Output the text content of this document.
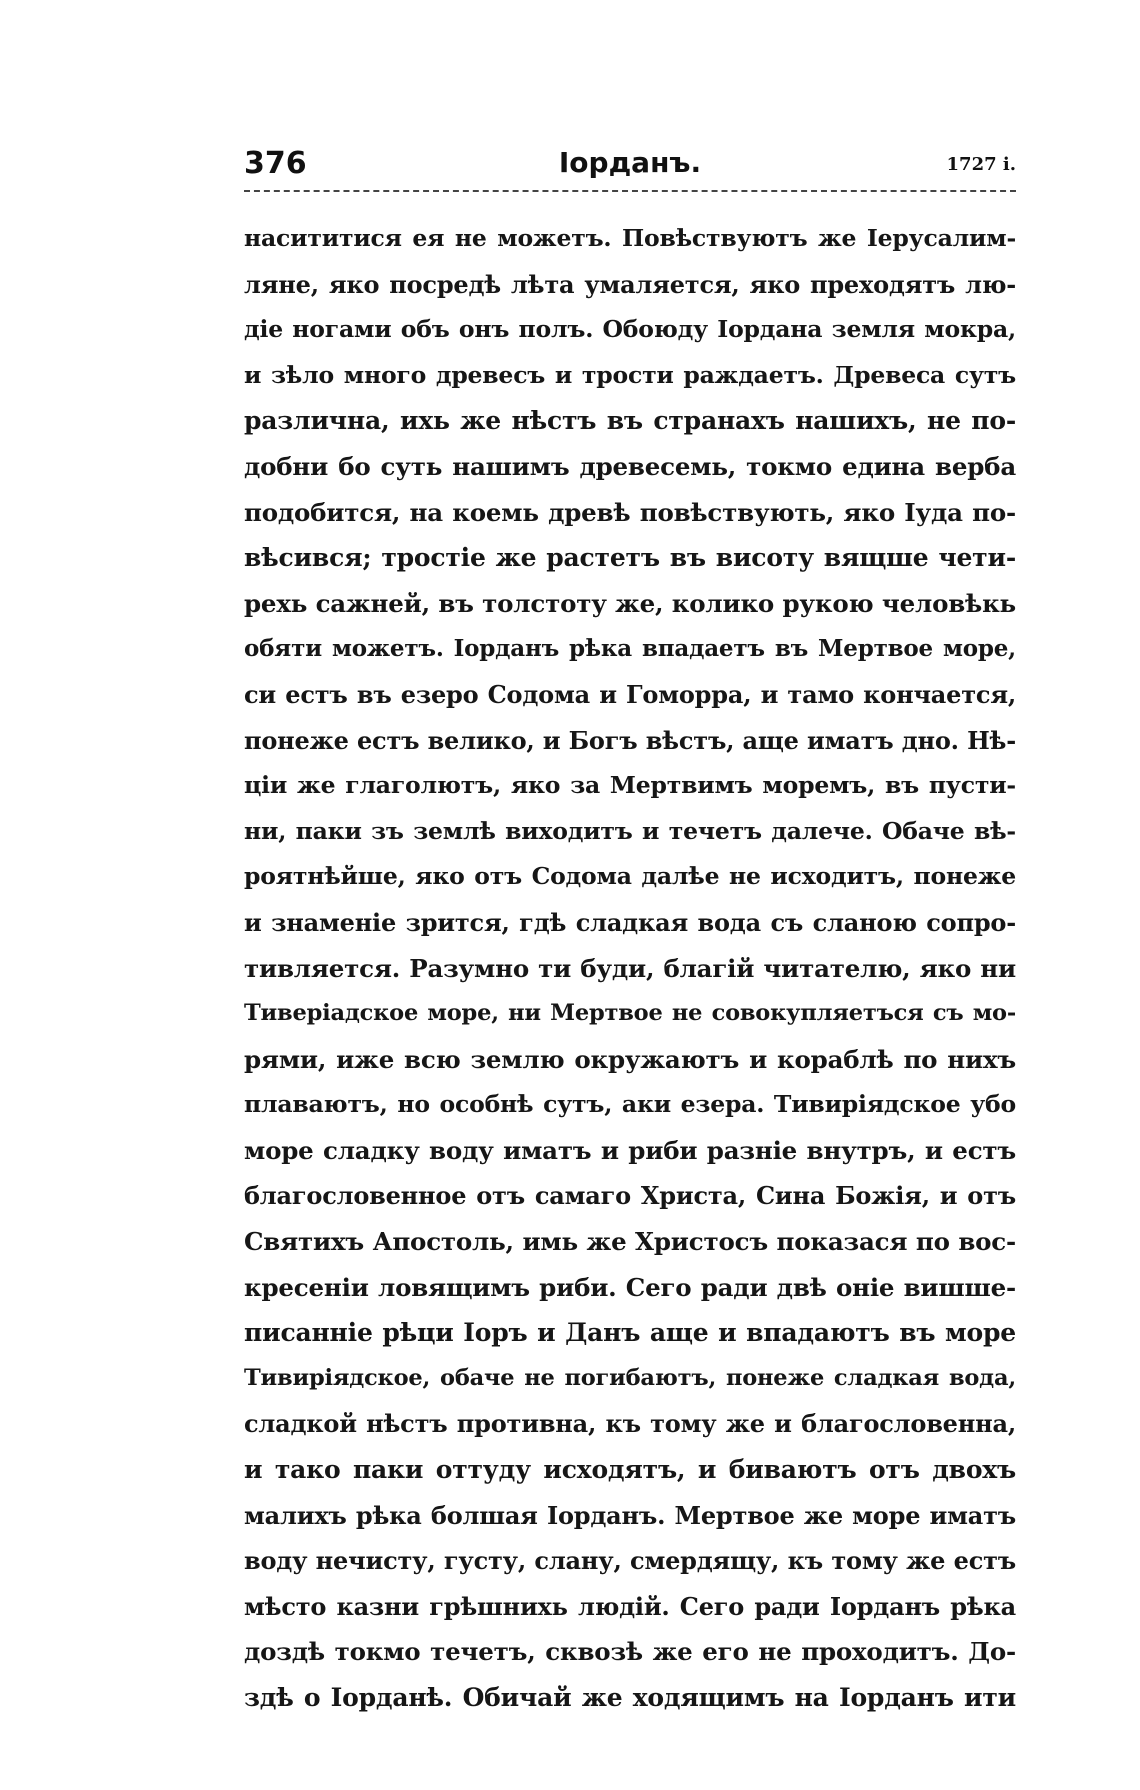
376	Іорданъ.	1727 і.
насититися ея не можетъ. Повѣствуютъ же Іерусалим-
ляне, яко посредѣ лѣта умаляется, яко преходятъ лю-
діе ногами объ онъ полъ. Обоюду Іордана земля мокра,
и зѣло много древесъ и трости раждаетъ. Древеса сутъ
различна, ихь же нѣстъ въ странахъ нашихъ, не по-
добни бо суть нашимъ древесемь, токмо едина верба
подобится, на коемь древѣ повѣствують, яко Іуда по-
вѣсився; тростіе же растетъ въ висоту вящше чети-
рехь сажней, въ толстоту же, колико рукою человѣкь
обяти можетъ. Іорданъ рѣка впадаетъ въ Мертвое море,
си естъ въ езеро Содома и Гоморра, и тамо кончается,
понеже естъ велико, и Богъ вѣстъ, аще иматъ дно. Нѣ-
ціи же глаголютъ, яко за Мертвимъ моремъ, въ пусти-
ни, паки зъ землѣ виходитъ и течетъ далече. Обаче вѣ-
роятнѣйше, яко отъ Содома далѣе не исходитъ, понеже
и знаменіе зрится, гдѣ сладкая вода съ сланою сопро-
тивляется. Разумно ти буди, благій читателю, яко ни
Тиверіадское море, ни Мертвое не совокупляетъся съ мо-
рями, иже всю землю окружаютъ и кораблѣ по нихъ
плаваютъ, но особнѣ сутъ, аки езера. Тивиріядское убо
море сладку воду иматъ и риби разніе внутръ, и естъ
благословенное отъ самаго Христа, Сина Божія, и отъ
Святихъ Апостоль, имь же Христосъ показася по вос-
кресеніи ловящимъ риби. Сего ради двѣ оніе вишше-
писанніе рѣци Іоръ и Данъ аще и впадаютъ въ море
Тивиріядское, обаче не погибаютъ, понеже сладкая вода,
сладкой нѣстъ противна, къ тому же и благословенна,
и тако паки оттуду исходятъ, и биваютъ отъ двохъ
малихъ рѣка болшая Іорданъ. Мертвое же море иматъ
воду нечисту, густу, слану, смердящу, къ тому же естъ
мѣсто казни грѣшнихь людій. Сего ради Іорданъ рѣка
доздѣ токмо течетъ, сквозѣ же его не проходитъ. До-
здѣ о Іорданѣ. Обичай же ходящимъ на Іорданъ ити
